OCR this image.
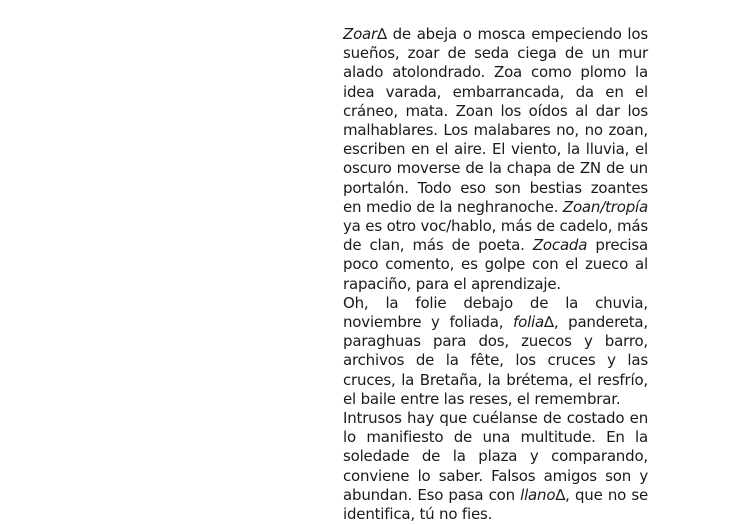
Zoar∆ de abeja o mosca empeciendo los sueños, zoar de seda ciega de un mur alado atolondrado. Zoa como plomo la idea varada, embarrancada, da en el cráneo, mata. Zoan los oídos al dar los malhablares. Los malabares no, no zoan, escriben en el aire. El viento, la lluvia, el oscuro moverse de la chapa de ZN de un portalón. Todo eso son bestias zoantes en medio de la neghranoche. Zoan/tropía ya es otro voc/hablo, más de cadelo, más de clan, más de poeta. Zocada precisa poco comento, es golpe con el zueco al rapaciño, para el aprendizaje.

Oh, la folie debajo de la chuvia, noviembre y foliada, folia∆, pandereta, paraghuas para dos, zuecos y barro, archivos de la fête, los cruces y las cruces, la Bretaña, la brétema, el resfrío, el baile entre las reses, el remembrar.

Intrusos hay que cuélanse de costado en lo manifiesto de una multitude. En la soledade de la plaza y comparando, conviene lo saber. Falsos amigos son y abundan. Eso pasa con llano∆, que no se identifica, tú no fies.
